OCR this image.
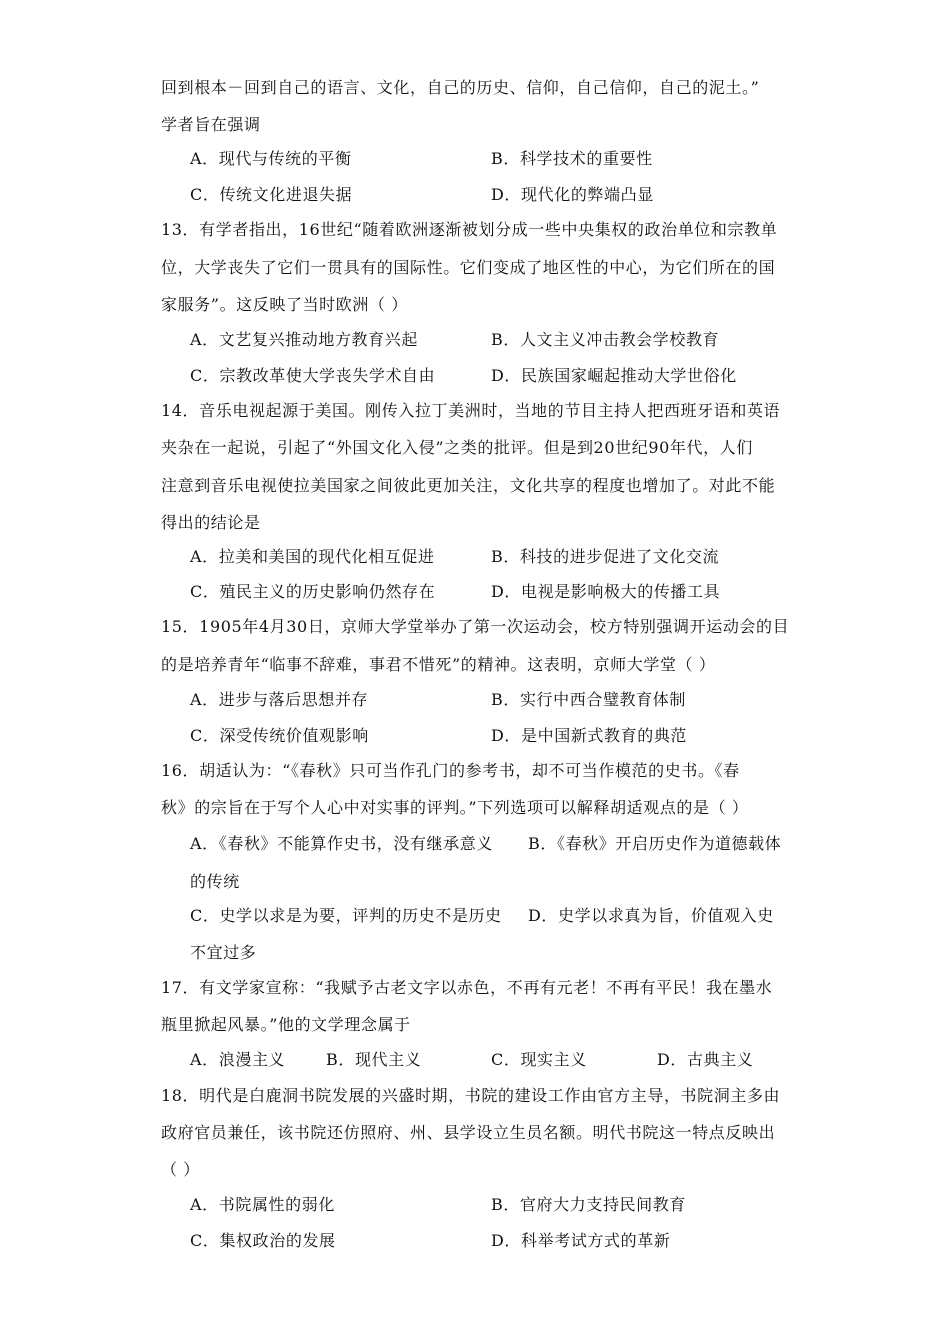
回到根本－回到自己的语言、文化，自己的历史、信仰，自己信仰，自己的泥土。”
学者旨在强调
A．现代与传统的平衡	B．科学技术的重要性
C．传统文化进退失据	D．现代化的弊端凸显
13．有学者指出，16世纪“随着欧洲逐渐被划分成一些中央集权的政治单位和宗教单
位，大学丧失了它们一贯具有的国际性。它们变成了地区性的中心，为它们所在的国
家服务”。这反映了当时欧洲（ ）
A．文艺复兴推动地方教育兴起	B．人文主义冲击教会学校教育
C．宗教改革使大学丧失学术自由	D．民族国家崛起推动大学世俗化
14．音乐电视起源于美国。刚传入拉丁美洲时，当地的节目主持人把西班牙语和英语
夹杂在一起说，引起了“外国文化入侵”之类的批评。但是到20世纪90年代，人们
注意到音乐电视使拉美国家之间彼此更加关注，文化共享的程度也增加了。对此不能
得出的结论是
A．拉美和美国的现代化相互促进	B．科技的进步促进了文化交流
C．殖民主义的历史影响仍然存在	D．电视是影响极大的传播工具
15．1905年4月30日，京师大学堂举办了第一次运动会，校方特别强调开运动会的目
的是培养青年“临事不辞难，事君不惜死”的精神。这表明，京师大学堂（ ）
A．进步与落后思想并存	B．实行中西合璧教育体制
C．深受传统价值观影响	D．是中国新式教育的典范
16．胡适认为：“《春秋》只可当作孔门的参考书，却不可当作模范的史书。《春
秋》的宗旨在于写个人心中对实事的评判。”下列选项可以解释胡适观点的是（ ）
A．《春秋》不能算作史书，没有继承意义 B．《春秋》开启历史作为道德载体
的传统
C．史学以求是为要，评判的历史不是历史 D．史学以求真为旨，价值观入史
不宜过多
17．有文学家宣称：“我赋予古老文字以赤色，不再有元老！不再有平民！我在墨水
瓶里掀起风暴。”他的文学理念属于
A．浪漫主义	B．现代主义	C．现实主义	D．古典主义
18．明代是白鹿洞书院发展的兴盛时期，书院的建设工作由官方主导，书院洞主多由
政府官员兼任，该书院还仿照府、州、县学设立生员名额。明代书院这一特点反映出
（ ）
A．书院属性的弱化	B．官府大力支持民间教育
C．集权政治的发展	D．科举考试方式的革新
